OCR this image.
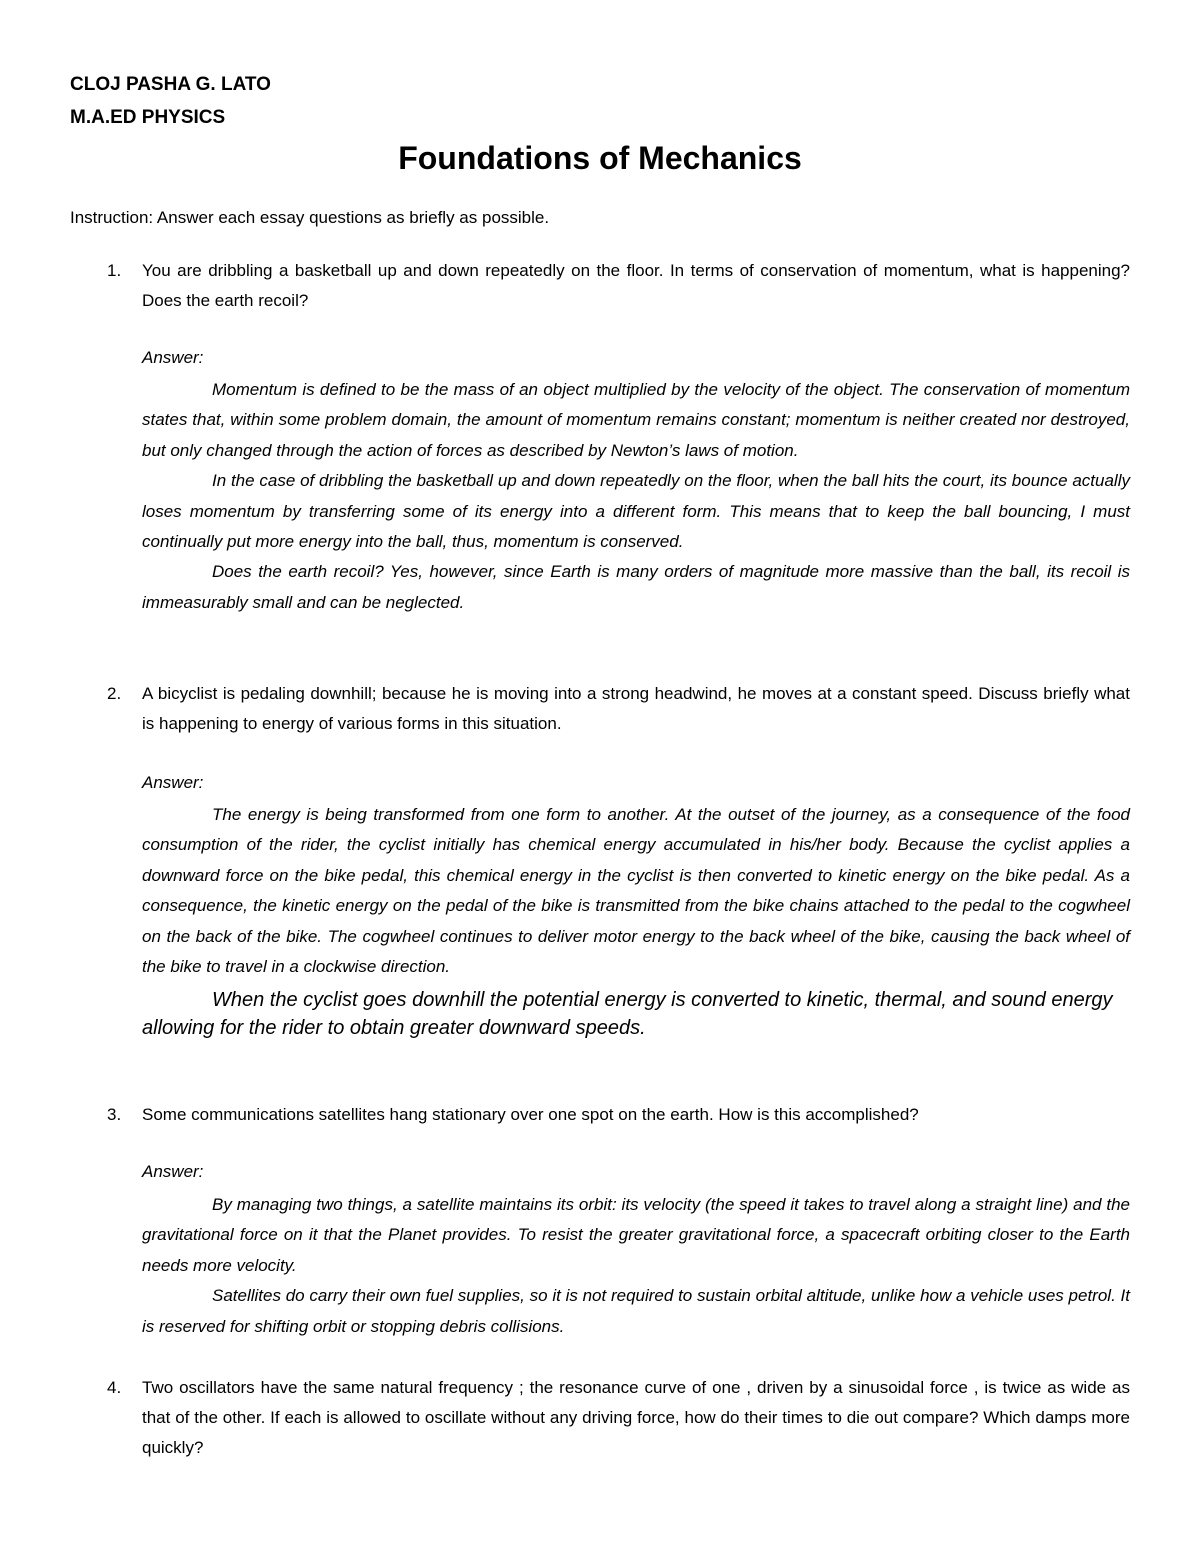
CLOJ PASHA G. LATO
M.A.ED PHYSICS
Foundations of Mechanics
Instruction: Answer each essay questions as briefly as possible.
1. You are dribbling a basketball up and down repeatedly on the floor. In terms of conservation of momentum, what is happening? Does the earth recoil?
Answer:

Momentum is defined to be the mass of an object multiplied by the velocity of the object. The conservation of momentum states that, within some problem domain, the amount of momentum remains constant; momentum is neither created nor destroyed, but only changed through the action of forces as described by Newton’s laws of motion.

In the case of dribbling the basketball up and down repeatedly on the floor, when the ball hits the court, its bounce actually loses momentum by transferring some of its energy into a different form. This means that to keep the ball bouncing, I must continually put more energy into the ball, thus, momentum is conserved.

Does the earth recoil? Yes, however, since Earth is many orders of magnitude more massive than the ball, its recoil is immeasurably small and can be neglected.

2. A bicyclist is pedaling downhill; because he is moving into a strong headwind, he moves at a constant speed. Discuss briefly what is happening to energy of various forms in this situation.
Answer:

The energy is being transformed from one form to another. At the outset of the journey, as a consequence of the food consumption of the rider, the cyclist initially has chemical energy accumulated in his/her body. Because the cyclist applies a downward force on the bike pedal, this chemical energy in the cyclist is then converted to kinetic energy on the bike pedal. As a consequence, the kinetic energy on the pedal of the bike is transmitted from the bike chains attached to the pedal to the cogwheel on the back of the bike. The cogwheel continues to deliver motor energy to the back wheel of the bike, causing the back wheel of the bike to travel in a clockwise direction.

When the cyclist goes downhill the potential energy is converted to kinetic, thermal, and sound energy allowing for the rider to obtain greater downward speeds.

3. Some communications satellites hang stationary over one spot on the earth. How is this accomplished?
Answer:

By managing two things, a satellite maintains its orbit: its velocity (the speed it takes to travel along a straight line) and the gravitational force on it that the Planet provides. To resist the greater gravitational force, a spacecraft orbiting closer to the Earth needs more velocity.

Satellites do carry their own fuel supplies, so it is not required to sustain orbital altitude, unlike how a vehicle uses petrol. It is reserved for shifting orbit or stopping debris collisions.

4. Two oscillators have the same natural frequency ; the resonance curve of one , driven by a sinusoidal force , is twice as wide as that of the other. If each is allowed to oscillate without any driving force, how do their times to die out compare? Which damps more quickly?
